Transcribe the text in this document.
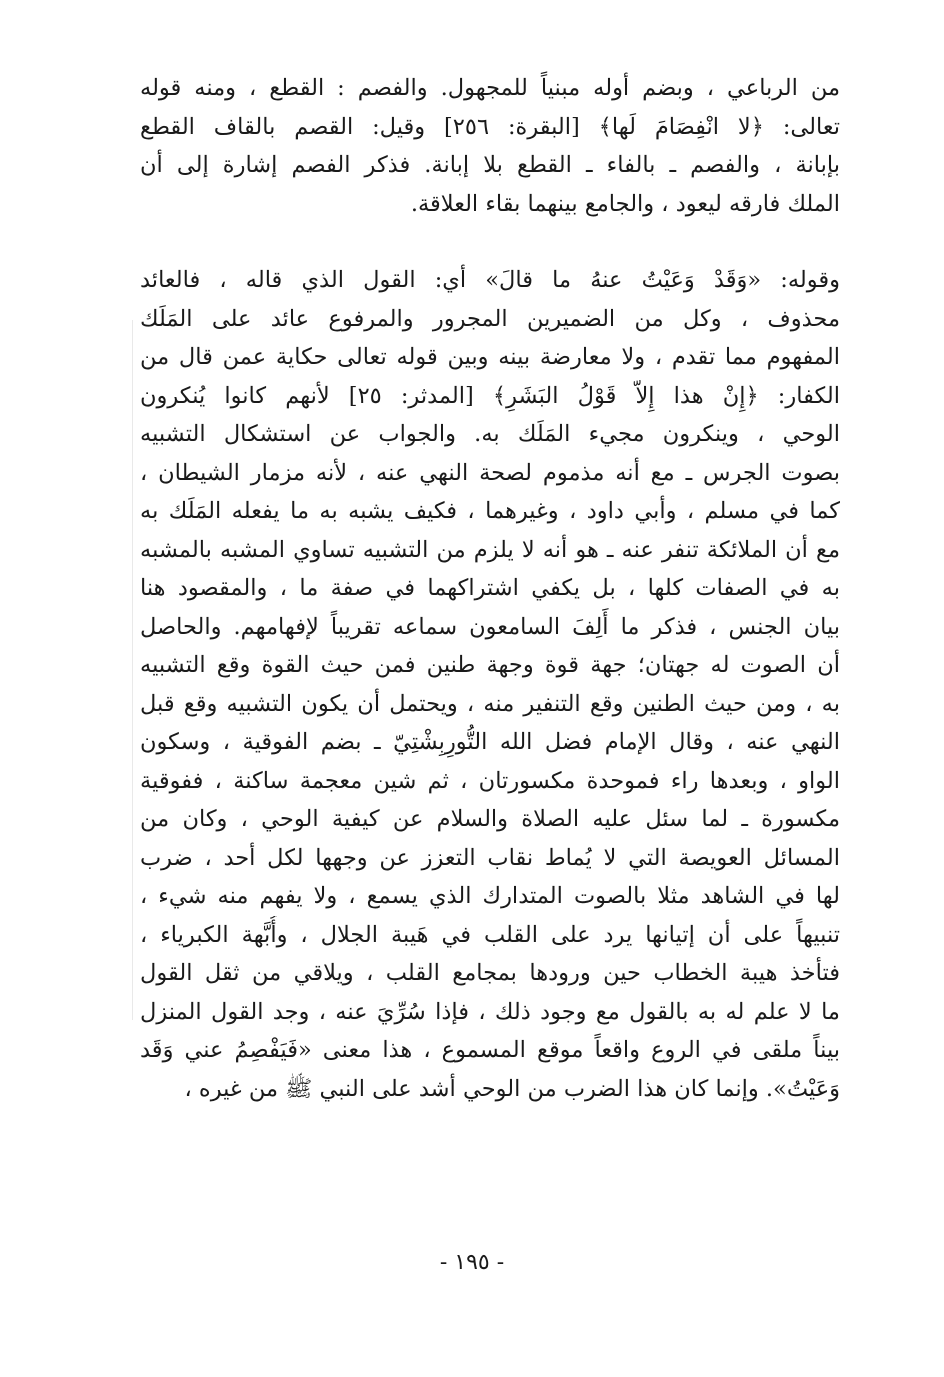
من الرباعي ، وبضم أوله مبنياً للمجهول. والفصم : القطع ، ومنه قوله
تعالى: ﴿لا انْفِصَامَ لَها﴾ [البقرة: ٢٥٦] وقيل: القصم بالقاف القطع
بإبانة ، والفصم ـ بالفاء ـ القطع بلا إبانة. فذكر الفصم إشارة إلى أن
الملك فارقه ليعود ، والجامع بينهما بقاء العلاقة.
وقوله: «وَقَدْ وَعَيْتُ عنهُ ما قالَ» أي: القول الذي قاله ، فالعائد
محذوف ، وكل من الضميرين المجرور والمرفوع عائد على المَلَك
المفهوم مما تقدم ، ولا معارضة بينه وبين قوله تعالى حكاية عمن قال من
الكفار: ﴿إِنْ هذا إِلاّ قَوْلُ البَشَرِ﴾ [المدثر: ٢٥] لأنهم كانوا يُنكرون
الوحي ، وينكرون مجيء المَلَك به. والجواب عن استشكال التشبيه
بصوت الجرس ـ مع أنه مذموم لصحة النهي عنه ، لأنه مزمار الشيطان ،
كما في مسلم ، وأبي داود ، وغيرهما ، فكيف يشبه به ما يفعله المَلَك به
مع أن الملائكة تنفر عنه ـ هو أنه لا يلزم من التشبيه تساوي المشبه بالمشبه
به في الصفات كلها ، بل يكفي اشتراكهما في صفة ما ، والمقصود هنا
بيان الجنس ، فذكر ما أَلِفَ السامعون سماعه تقريباً لإفهامهم. والحاصل
أن الصوت له جهتان؛ جهة قوة وجهة طنين فمن حيث القوة وقع التشبيه
به ، ومن حيث الطنين وقع التنفير منه ، ويحتمل أن يكون التشبيه وقع قبل
النهي عنه ، وقال الإمام فضل الله التُّورِبِشْتِيّ ـ بضم الفوقية ، وسكون
الواو ، وبعدها راء فموحدة مكسورتان ، ثم شين معجمة ساكنة ، ففوقية
مكسورة ـ لما سئل عليه الصلاة والسلام عن كيفية الوحي ، وكان من
المسائل العويصة التي لا يُماط نقاب التعزز عن وجهها لكل أحد ، ضرب
لها في الشاهد مثلا بالصوت المتدارك الذي يسمع ، ولا يفهم منه شيء ،
تنبيهاً على أن إتيانها يرد على القلب في هَيبة الجلال ، وأُبَّهة الكبرياء ،
فتأخذ هيبة الخطاب حين ورودها بمجامع القلب ، ويلاقي من ثقل القول
ما لا علم له به بالقول مع وجود ذلك ، فإذا سُرِّيَ عنه ، وجد القول المنزل
بيناً ملقى في الروع واقعاً موقع المسموع ، هذا معنى «فَيَفْصِمُ عني وَقَد
وَعَيْتُ». وإنما كان هذا الضرب من الوحي أشد على النبي ﷺ من غيره ،
- ١٩٥ -
